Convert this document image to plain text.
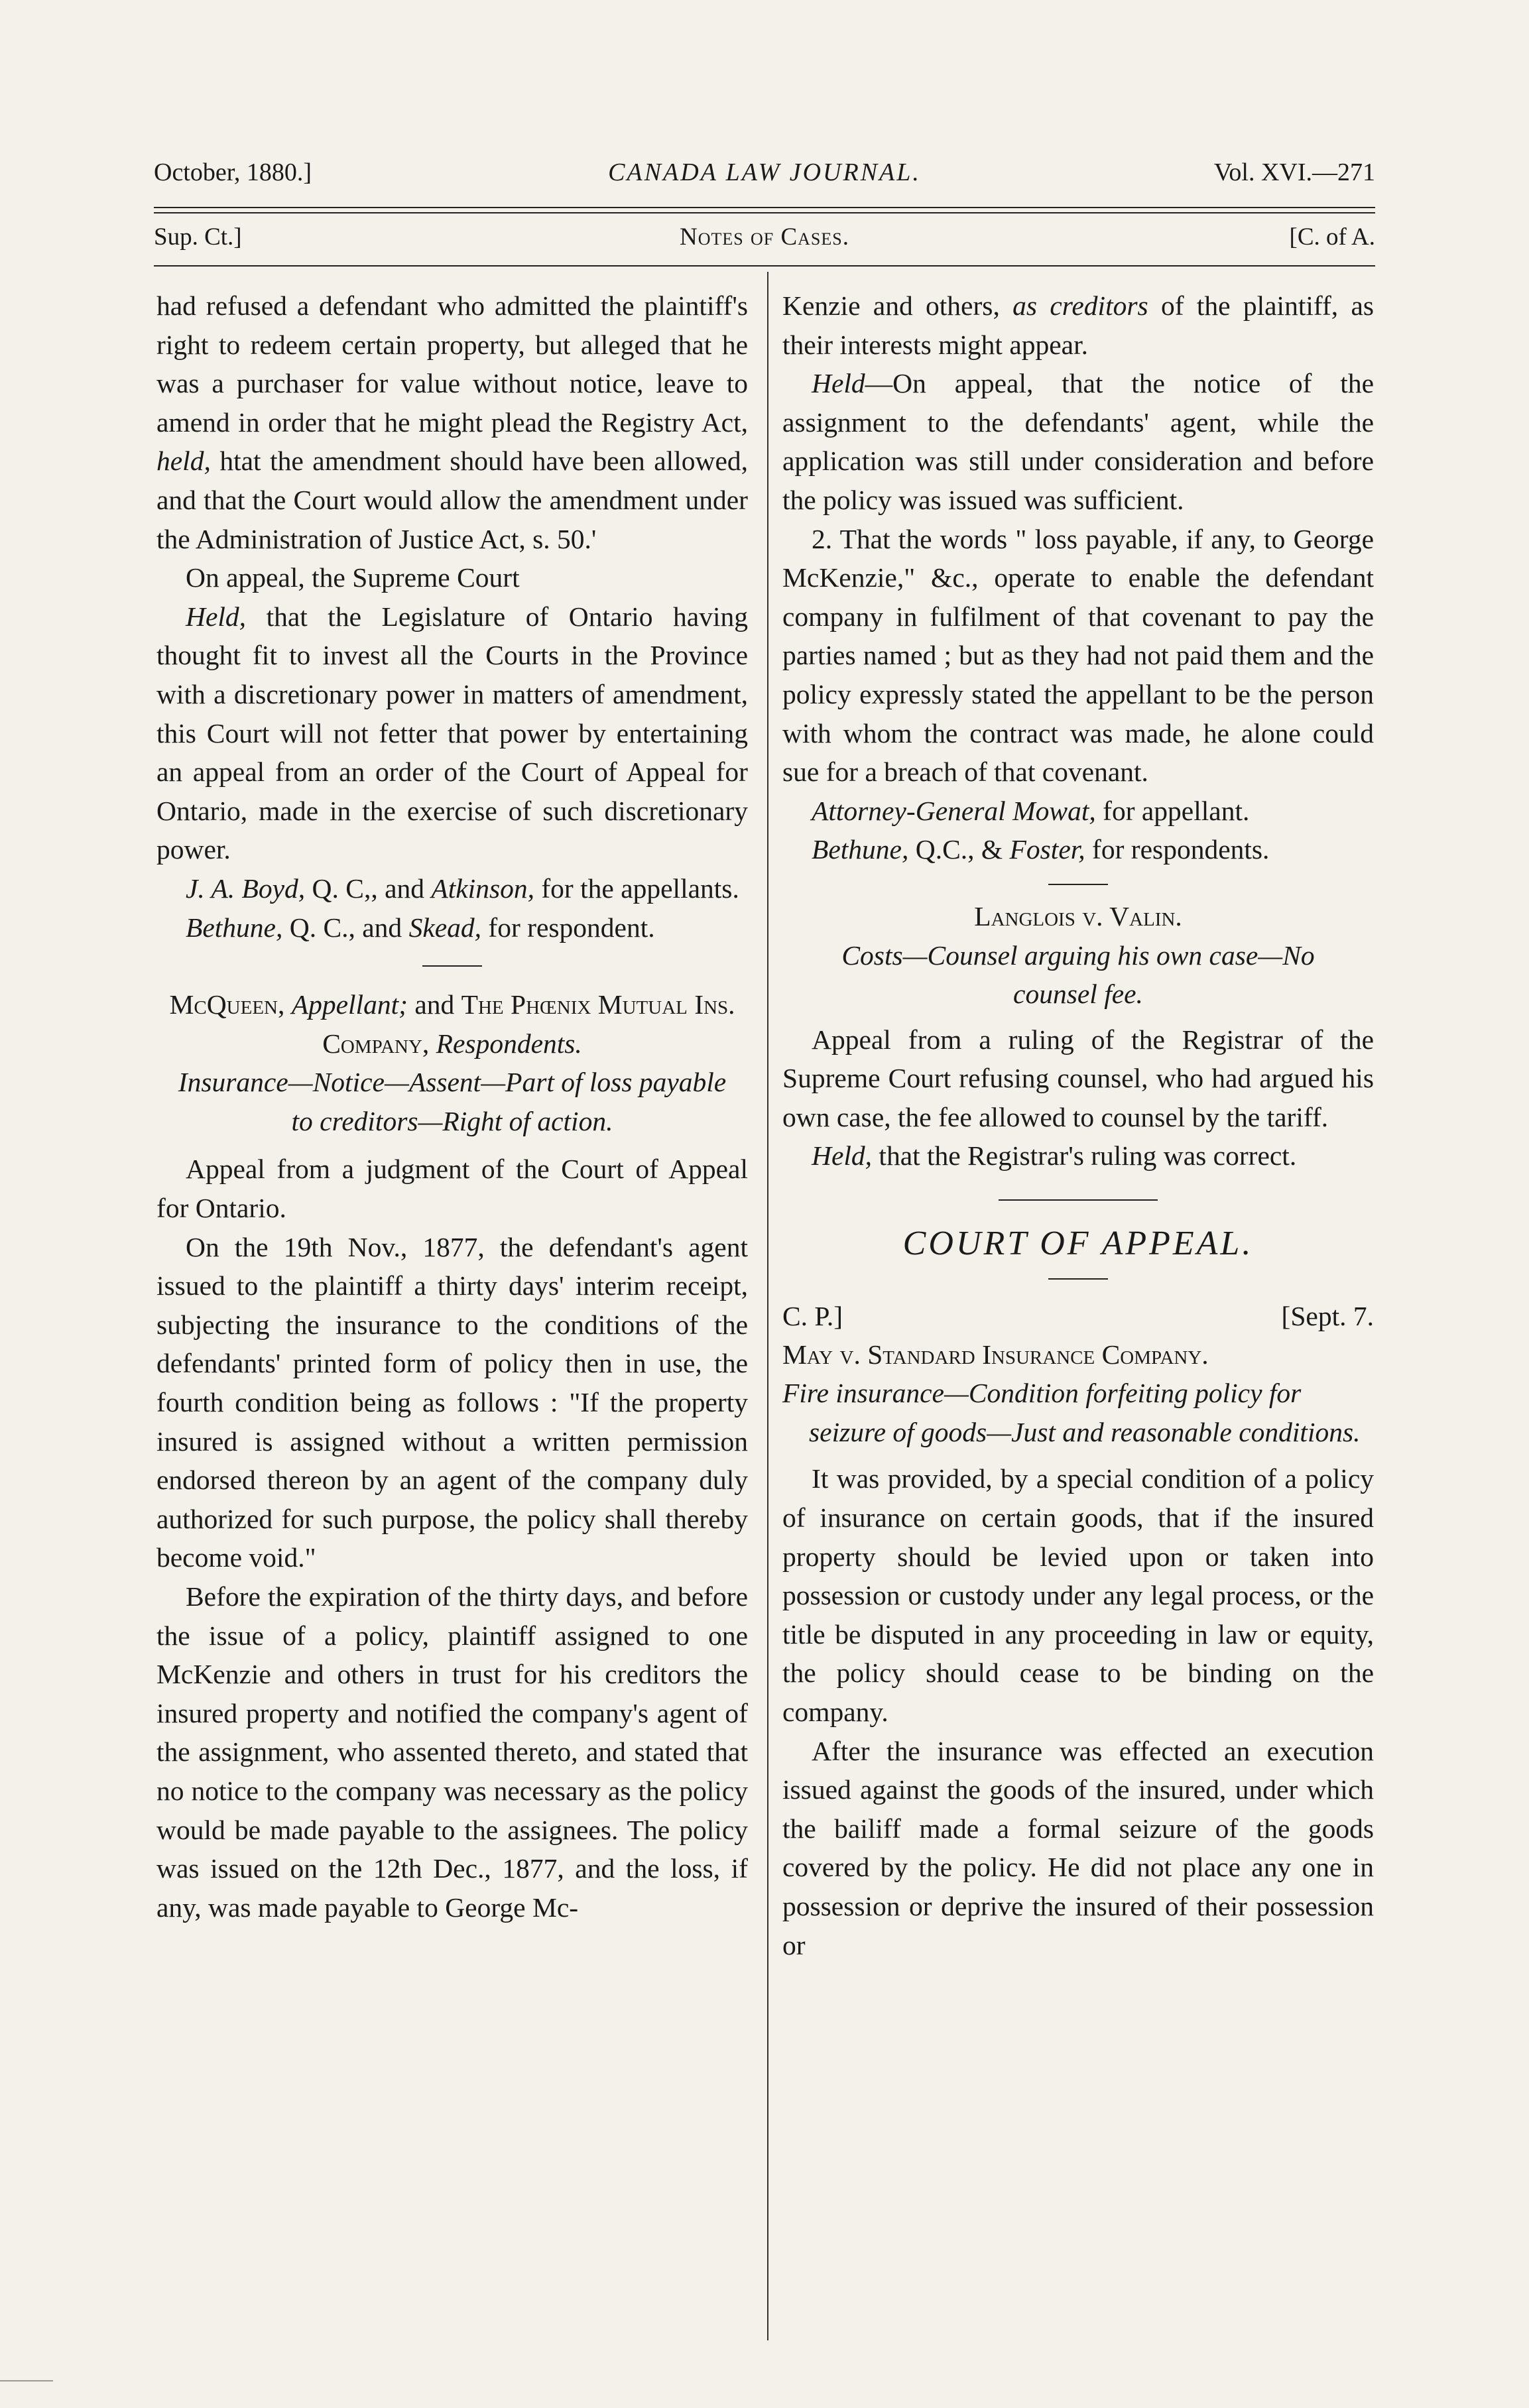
October, 1880.]	CANADA LAW JOURNAL.	Vol. XVI.—271
Sup. Ct.]	Notes of Cases.	[C. of A.

had refused a defendant who admitted the plaintiff's right to redeem certain property, but alleged that he was a purchaser for value without notice, leave to amend in order that he might plead the Registry Act, held, htat the amendment should have been allowed, and that the Court would allow the amendment under the Administration of Justice Act, s. 50.'

On appeal, the Supreme Court

Held, that the Legislature of Ontario having thought fit to invest all the Courts in the Province with a discretionary power in matters of amendment, this Court will not fetter that power by entertaining an appeal from an order of the Court of Appeal for Ontario, made in the exercise of such discretionary power.

J. A. Boyd, Q. C,, and Atkinson, for the appellants.

Bethune, Q. C., and Skead, for respondent.

McQueen, Appellant; and The Phœnix Mutual Ins. Company, Respondents.

Insurance—Notice—Assent—Part of loss payable to creditors—Right of action.

Appeal from a judgment of the Court of Appeal for Ontario.

On the 19th Nov., 1877, the defendant's agent issued to the plaintiff a thirty days' interim receipt, subjecting the insurance to the conditions of the defendants' printed form of policy then in use, the fourth condition being as follows : "If the property insured is assigned without a written permission endorsed thereon by an agent of the company duly authorized for such purpose, the policy shall thereby become void."

Before the expiration of the thirty days, and before the issue of a policy, plaintiff assigned to one McKenzie and others in trust for his creditors the insured property and notified the company's agent of the assignment, who assented thereto, and stated that no notice to the company was necessary as the policy would be made payable to the assignees. The policy was issued on the 12th Dec., 1877, and the loss, if any, was made payable to George Mc-

Kenzie and others, as creditors of the plaintiff, as their interests might appear.

Held—On appeal, that the notice of the assignment to the defendants' agent, while the application was still under consideration and before the policy was issued was sufficient.

2. That the words " loss payable, if any, to George McKenzie," &c., operate to enable the defendant company in fulfilment of that covenant to pay the parties named ; but as they had not paid them and the policy expressly stated the appellant to be the person with whom the contract was made, he alone could sue for a breach of that covenant.

Attorney-General Mowat, for appellant.

Bethune, Q.C., & Foster, for respondents.

Langlois v. Valin.

Costs—Counsel arguing his own case—No counsel fee.

Appeal from a ruling of the Registrar of the Supreme Court refusing counsel, who had argued his own case, the fee allowed to counsel by the tariff.

Held, that the Registrar's ruling was correct.

COURT OF APPEAL.

C. P.]	[Sept. 7.

May v. Standard Insurance Company.

Fire insurance—Condition forfeiting policy for seizure of goods—Just and reasonable conditions.

It was provided, by a special condition of a policy of insurance on certain goods, that if the insured property should be levied upon or taken into possession or custody under any legal process, or the title be disputed in any proceeding in law or equity, the policy should cease to be binding on the company.

After the insurance was effected an execution issued against the goods of the insured, under which the bailiff made a formal seizure of the goods covered by the policy. He did not place any one in possession or deprive the insured of their possession or
